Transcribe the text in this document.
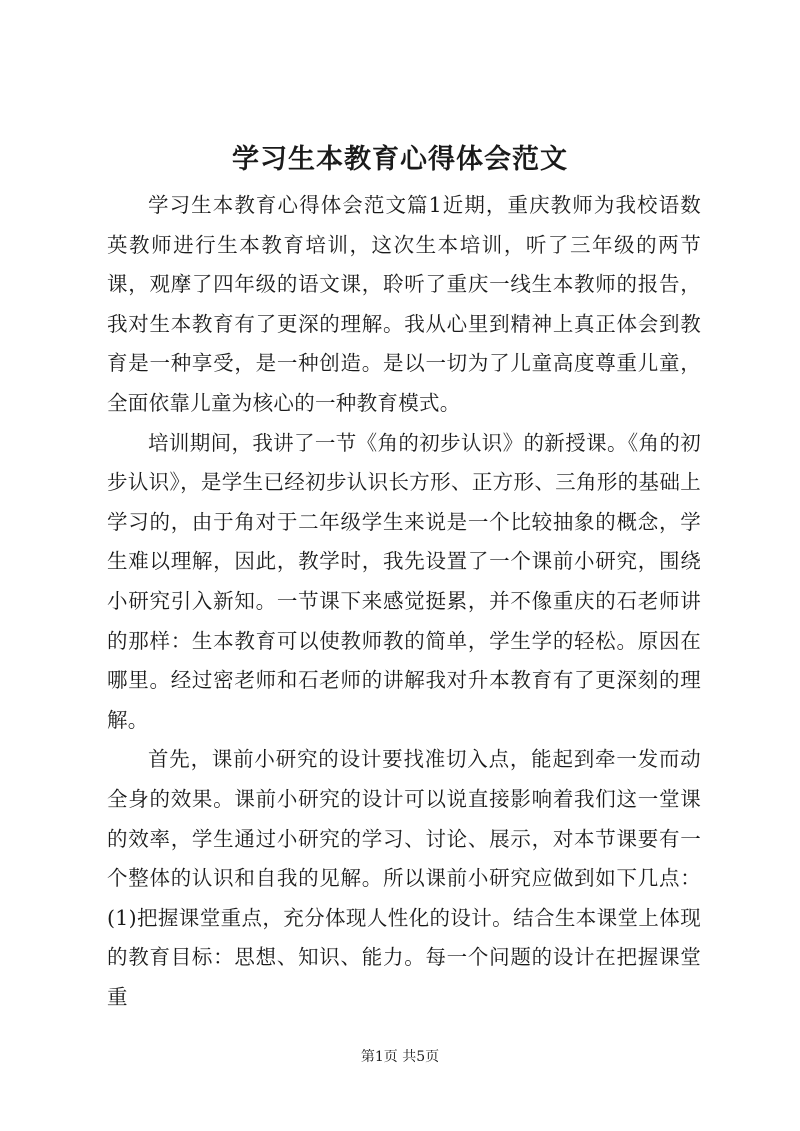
学习生本教育心得体会范文

学习生本教育心得体会范文篇1近期，重庆教师为我校语数英教师进行生本教育培训，这次生本培训，听了三年级的两节课，观摩了四年级的语文课，聆听了重庆一线生本教师的报告，我对生本教育有了更深的理解。我从心里到精神上真正体会到教育是一种享受，是一种创造。是以一切为了儿童高度尊重儿童，全面依靠儿童为核心的一种教育模式。

培训期间，我讲了一节《角的初步认识》的新授课。《角的初步认识》，是学生已经初步认识长方形、正方形、三角形的基础上学习的，由于角对于二年级学生来说是一个比较抽象的概念，学生难以理解，因此，教学时，我先设置了一个课前小研究，围绕小研究引入新知。一节课下来感觉挺累，并不像重庆的石老师讲的那样：生本教育可以使教师教的简单，学生学的轻松。原因在哪里。经过密老师和石老师的讲解我对升本教育有了更深刻的理解。

首先，课前小研究的设计要找准切入点，能起到牵一发而动全身的效果。课前小研究的设计可以说直接影响着我们这一堂课的效率，学生通过小研究的学习、讨论、展示，对本节课要有一个整体的认识和自我的见解。所以课前小研究应做到如下几点：(1)把握课堂重点，充分体现人性化的设计。结合生本课堂上体现的教育目标：思想、知识、能力。每一个问题的设计在把握课堂重

第1页 共5页
